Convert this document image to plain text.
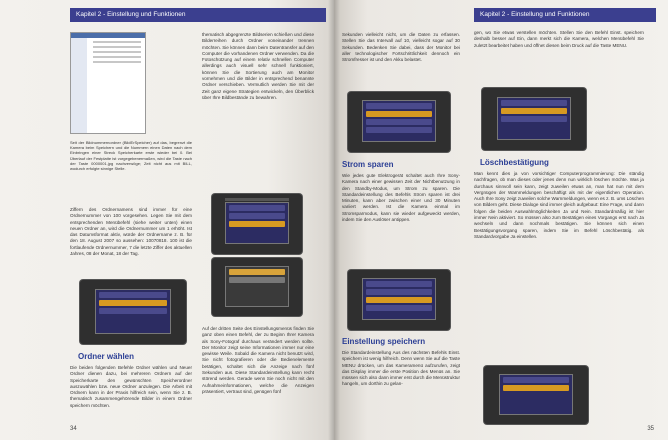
Kapitel 2 - Einstellung und Funktionen
Seit der Bildnummernordner (BildErSpeicher) auf das, begrenzt die Kamera beim Speichern und die Nummern einen Daten nach dem Einbringen einer Streck Speicherkarte erste wieder bei 0. Bei Überlauf der Festplatte ist vorgegebenermaßen, wird die Taste nach der Taste 0000001.jpg nachverwöge; Zeit nicht aus mit BILL, wodurch erfolgte sinnige Stelle.
Ziffern des Ordnernamens sind immer für eine Ordnernummer von 100 vorgesehen. Legen Sie mit dem entsprechenden Menübefehl (siehe weiter unten) einen neuen Ordner an, wird die Ordnernummer um 1 erhöht. Ist das Datumsformat aktiv, würde der Ordnername z. B. für den 18. August 2007 so aussehen: 10070818. 100 ist die fortlaufende Ordnernummer, 7 die letzte Ziffer des aktuellen Jahres, 08 der Monat, 18 der Tag.
Ordner wählen
Die beiden folgenden Befehle Ordner wählen und Neuer Ordner dienen dazu, bei mehreren Ordnern auf der Speicherkarte den gewünschten Speicherordner auszuwählen bzw. neue Ordner anzulegen. Die Arbeit mit Ordnern kann in der Praxis hilfreich sein, wenn Sie z. B. thematisch zusammengehörende Bilder in einem Ordner speichern möchten.
thematisch abgegrenzte Bildserien schießen und diese Bilderreihen durch Ordner voneinander trennen möchten. Sie können dann beim Datentransfer auf den Computer die vorhandenen Ordner verwenden. Da die Fotoschützung auf einem relativ schnellen Computer allerdings auch visuell sehr schnell funktioniert, können Sie die Sortierung auch am Monitor vornehmen und die Bilder in entsprechend benannte Ordner verschieben. Vermutlich werden Sie mit der Zeit ganz eigene Strategien entwickeln, den Überblick über Ihre Bildbestände zu bewahren.
Auf der dritten Seite des Einstellungsmenüs finden Sie ganz oben einen Befehl, der zu Beginn Ihrer Kamera als Sony-Fotograf durchaus verändert werden sollte. Der Monitor zeigt seine Informationen immer nur eine gewisse Weile. Sobald die Kamera nicht benutzt wird, Sie nicht fotografieren oder die Bedienelemente betätigen, schaltet sich die Anzeige nach fünf Sekunden aus. Diese Standardeinstellung kann recht störend werden. Gerade wenn Sie noch nicht mit den Aufnahmeinformationen, welche die Anzeigen präsentiert, vertraut sind, genügen fünf
34
Kapitel 2 - Einstellung und Funktionen
Sekunden vielleicht nicht, um die Daten zu erfassen. Stellen Sie das Intervall auf 10, vielleicht sogar auf 30 Sekunden. Bedenken Sie dabei, dass der Monitor bei aller technologischer Fortschrittlichkeit dennoch ein Stromfresser ist und den Akku belastet.
Strom sparen
Wie jedes gute Elektrogerät schaltet auch Ihre Sony-Kamera nach einer gewissen Zeit der Nichtbenutzung in den Standby-Modus, um Strom zu sparen. Die Standardeinstellung des Befehls Strom sparen ist drei Minuten, kann aber zwischen einer und 30 Minuten variiert werden. Ist die Kamera einmal im Stromsparmodus, kann sie wieder aufgeweckt werden, indem Sie den Auslöser antippen.
Einstellung speichern
Die Standardeinstellung Aus des nächsten Befehls Einst. speichern ist wenig hilfreich. Denn wenn Sie auf die Taste MENU drücken, um das Kameramenü aufzurufen, zeigt das Display immer die erste Position des Menüs an. Sie müssen sich also dann immer erst durch die Menüstruktur hangeln, um dorthin zu gelan-
gen, wo Sie etwas verstellen möchten. Stellen Sie den Befehl Einst. speichern deshalb besser auf Ein, dann merkt sich die Kamera, welchen Menübefehl Sie zuletzt bearbeitet haben und öffnet diesen beim Druck auf die Taste MENU.
Löschbestätigung
Man kennt dies ja von vorsichtiger Computerprogrammierung: Die ständig nachfragen, ob man dieses oder jenes denn nun wirklich löschen möchte. Was ja durchaus sinnvoll sein kann, zeigt zuweilen etwas an, man hat nun mit dem Vergnügen der Warnmeldungen beschäftigt als mit der eigentlichen Operation. Auch Ihre Sony zeigt zuweilen solche Warnmeldungen, wenn es z. B. ums Löschen von Bildern geht. Diese Dialoge sind immer gleich aufgebaut: Eine Frage, und dann folgen die beiden Auswahlmöglichkeiten Ja und Nein. Standardmäßig ist hier immer Nein aktiviert. So müssen also zum Bestätigen eines Vorgangs erst nach Ja wechseln und dann nochmals bestätigen. Sie können sich einen Bestätigungsvorgang sparen, indem Sie im Befehl Löschbestätig. als Standardvorgabe Ja einstellen.
35
